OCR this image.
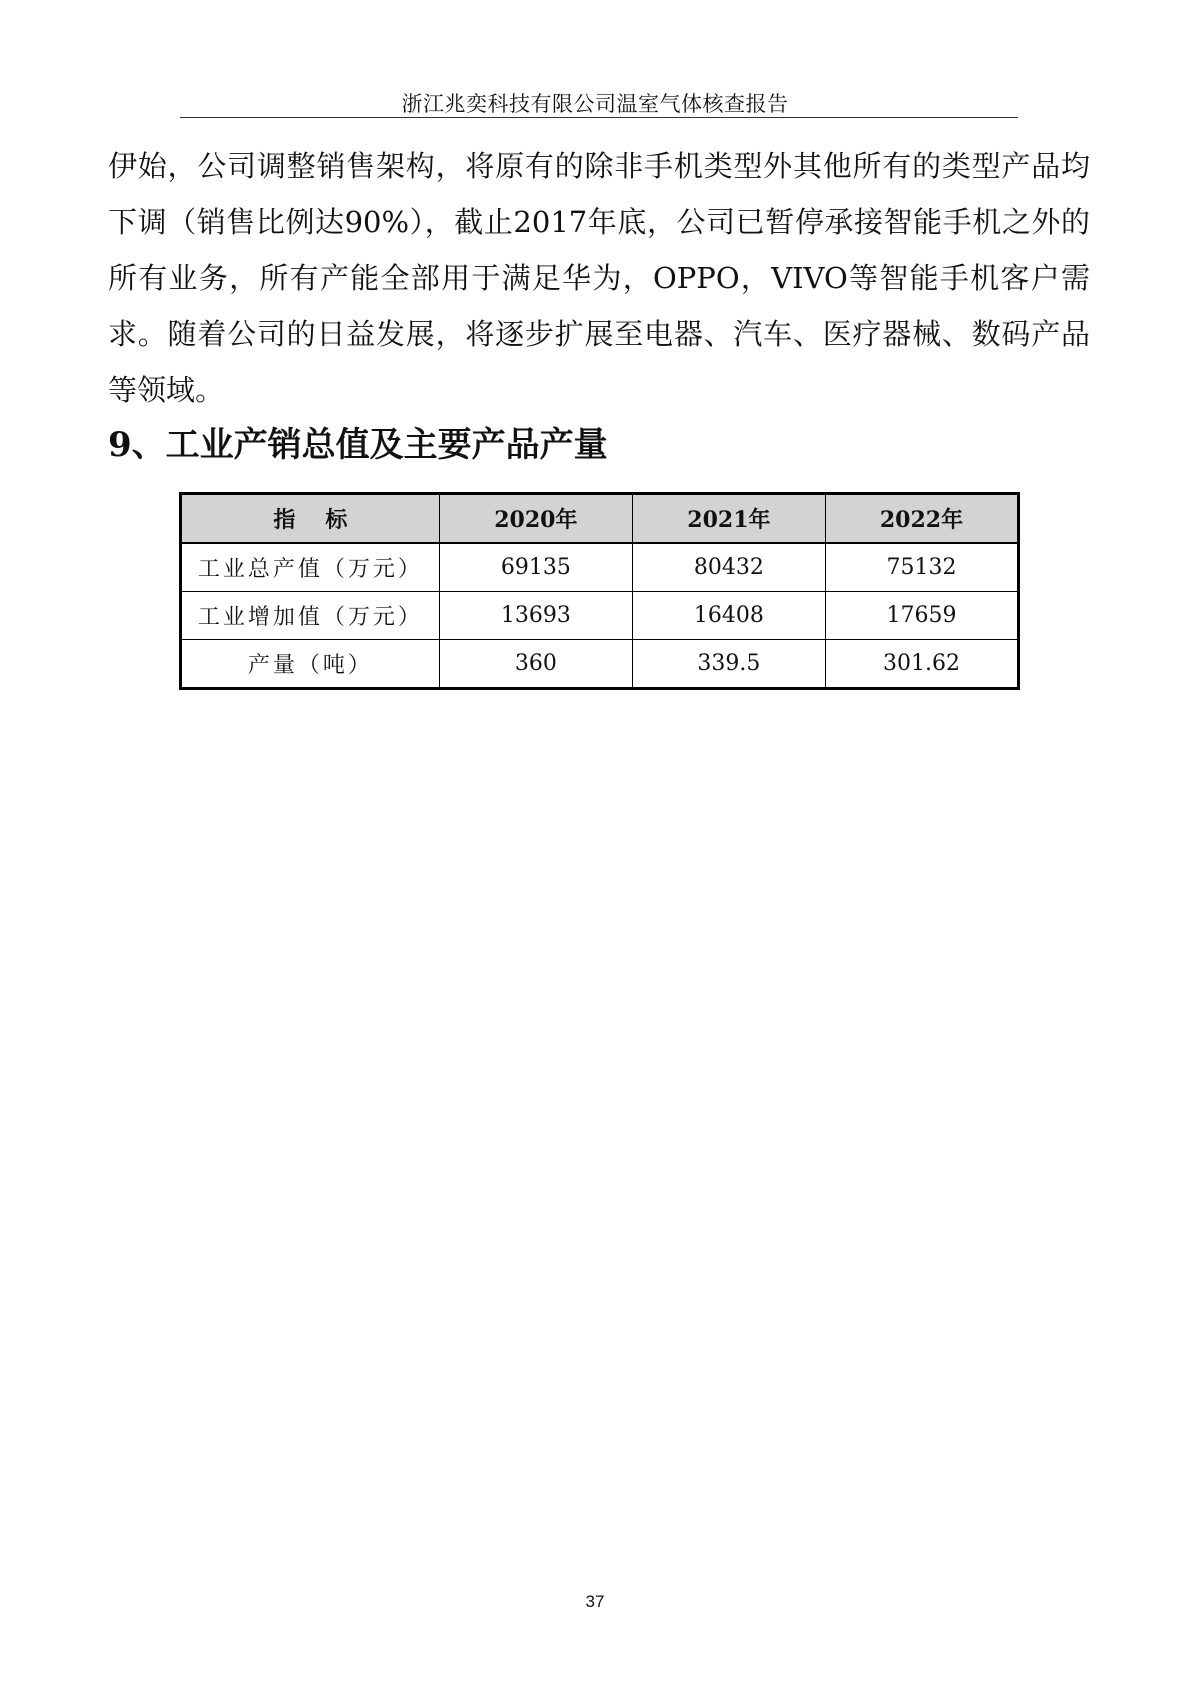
浙江兆奕科技有限公司温室气体核查报告

伊始，公司调整销售架构，将原有的除非手机类型外其他所有的类型产品均下调（销售比例达90%），截止2017年底，公司已暂停承接智能手机之外的所有业务，所有产能全部用于满足华为，OPPO，VIVO等智能手机客户需求。随着公司的日益发展，将逐步扩展至电器、汽车、医疗器械、数码产品等领域。

9、工业产销总值及主要产品产量
指标	2020年	2021年	2022年
工业总产值（万元）	69135	80432	75132
工业增加值（万元）	13693	16408	17659
产量（吨）	360	339.5	301.62
37
